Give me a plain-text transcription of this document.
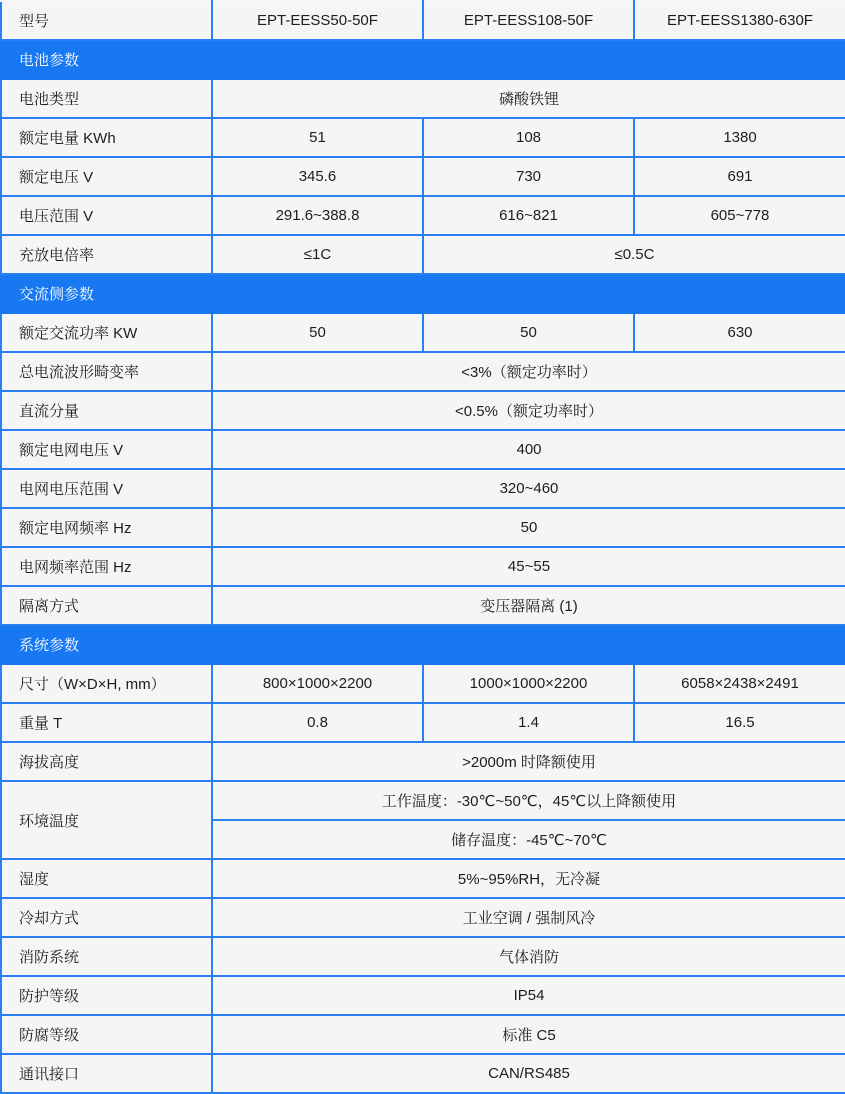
型号	EPT-EESS50-50F	EPT-EESS108-50F	EPT-EESS1380-630F
电池参数			
电池类型	磷酸铁锂		
额定电量 KWh	51	108	1380
额定电压 V	345.6	730	691
电压范围 V	291.6~388.8	616~821	605~778
充放电倍率	≤1C	≤0.5C	
交流侧参数			
额定交流功率 KW	50	50	630
总电流波形畸变率	<3%（额定功率时）		
直流分量	<0.5%（额定功率时）		
额定电网电压 V	400		
电网电压范围 V	320~460		
额定电网频率 Hz	50		
电网频率范围 Hz	45~55		
隔离方式	变压器隔离 (1)		
系统参数			
尺寸（W×D×H, mm）	800×1000×2200	1000×1000×2200	6058×2438×2491
重量 T	0.8	1.4	16.5
海拔高度	>2000m 时降额使用		
环境温度	工作温度：-30℃~50℃，45℃以上降额使用		
	储存温度：-45℃~70℃		
湿度	5%~95%RH，无冷凝		
冷却方式	工业空调 / 强制风冷		
消防系统	气体消防		
防护等级	IP54		
防腐等级	标准 C5		
通讯接口	CAN/RS485		
